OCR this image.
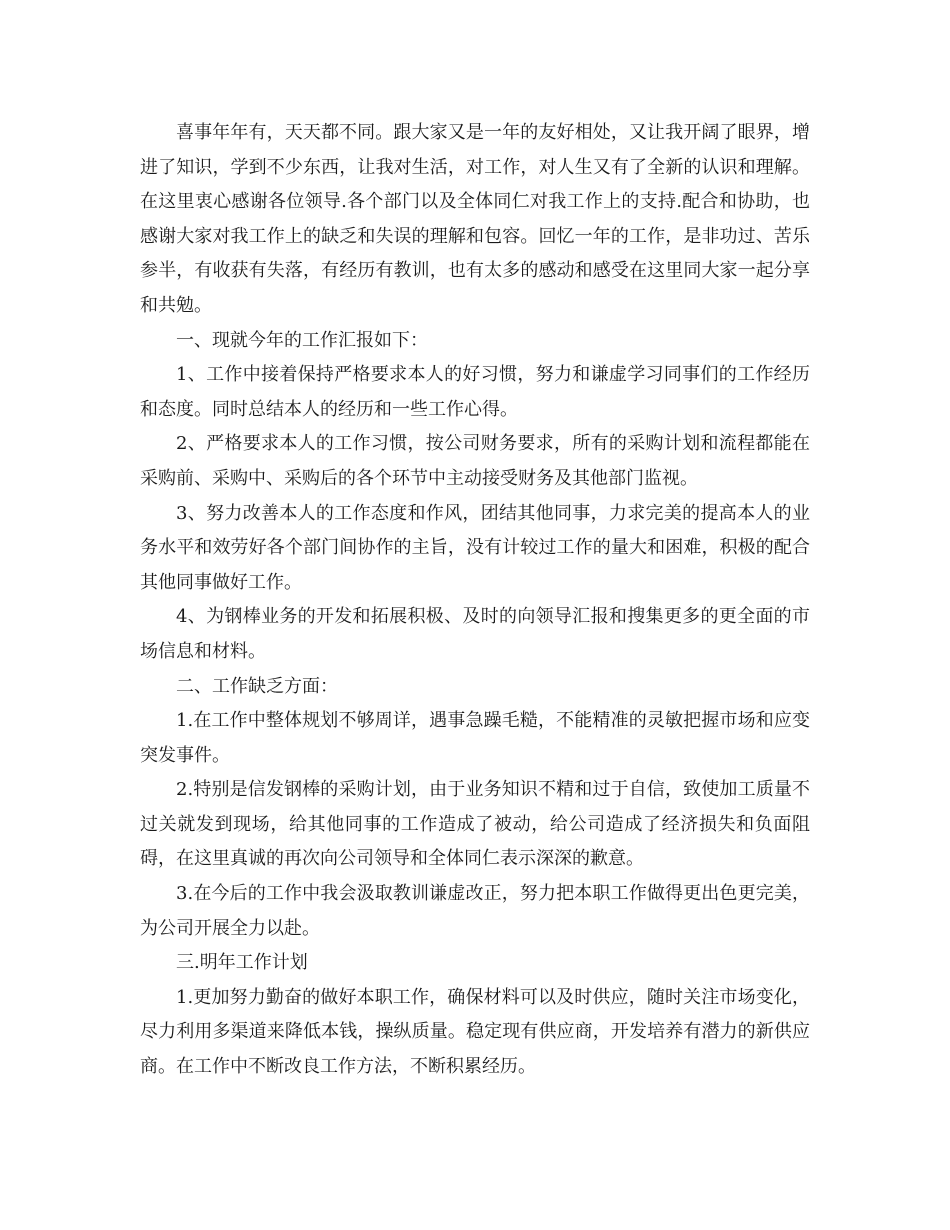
喜事年年有，天天都不同。跟大家又是一年的友好相处，又让我开阔了眼界，增进了知识，学到不少东西，让我对生活，对工作，对人生又有了全新的认识和理解。在这里衷心感谢各位领导.各个部门以及全体同仁对我工作上的支持.配合和协助，也感谢大家对我工作上的缺乏和失误的理解和包容。回忆一年的工作，是非功过、苦乐参半，有收获有失落，有经历有教训，也有太多的感动和感受在这里同大家一起分享和共勉。

一、现就今年的工作汇报如下：

1、工作中接着保持严格要求本人的好习惯，努力和谦虚学习同事们的工作经历和态度。同时总结本人的经历和一些工作心得。

2、严格要求本人的工作习惯，按公司财务要求，所有的采购计划和流程都能在采购前、采购中、采购后的各个环节中主动接受财务及其他部门监视。

3、努力改善本人的工作态度和作风，团结其他同事，力求完美的提高本人的业务水平和效劳好各个部门间协作的主旨，没有计较过工作的量大和困难，积极的配合其他同事做好工作。

4、为钢棒业务的开发和拓展积极、及时的向领导汇报和搜集更多的更全面的市场信息和材料。

二、工作缺乏方面：

1.在工作中整体规划不够周详，遇事急躁毛糙，不能精准的灵敏把握市场和应变突发事件。

2.特别是信发钢棒的采购计划，由于业务知识不精和过于自信，致使加工质量不过关就发到现场，给其他同事的工作造成了被动，给公司造成了经济损失和负面阻碍，在这里真诚的再次向公司领导和全体同仁表示深深的歉意。

3.在今后的工作中我会汲取教训谦虚改正，努力把本职工作做得更出色更完美，为公司开展全力以赴。

三.明年工作计划

1.更加努力勤奋的做好本职工作，确保材料可以及时供应，随时关注市场变化，尽力利用多渠道来降低本钱，操纵质量。稳定现有供应商，开发培养有潜力的新供应商。在工作中不断改良工作方法，不断积累经历。
